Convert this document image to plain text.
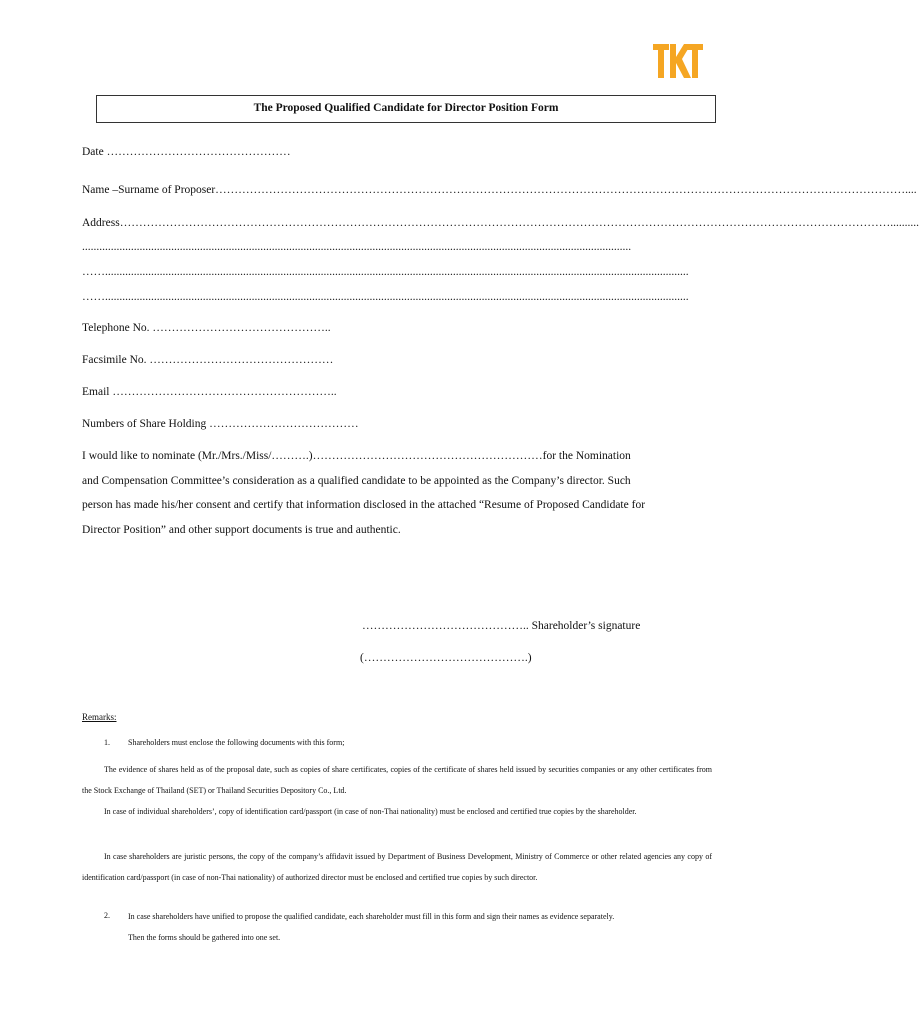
The Proposed Qualified Candidate for Director Position Form
Date …………………………………………
Name –Surname of Proposer………………………………………………………………………………………………………………………………………………………………....
Address…………………………………………………………………………………………………………………………………………………………………………………..........
...............................................................................................................................................................................................
……...........................................................................................................................................................................................................
……...........................................................................................................................................................................................................
Telephone No. ………………………………………..
Facsimile No. …………………………………………
Email …………………………………………………..
Numbers of Share Holding …………………………………
I would like to nominate (Mr./Mrs./Miss/……….)……………………………………………………for the Nomination
and Compensation Committee’s consideration as a qualified candidate to be appointed as the Company’s director. Such
person has made his/her consent and certify that information disclosed in the attached “Resume of Proposed Candidate for
Director Position” and other support documents is true and authentic.
…………………………………….. Shareholder’s signature
(…………………………………….)
Remarks:
1. Shareholders must enclose the following documents with this form;

The evidence of shares held as of the proposal date, such as copies of share certificates, copies of the certificate of shares held issued by securities companies or any other certificates from the Stock Exchange of Thailand (SET) or Thailand Securities Depository Co., Ltd.

In case of individual shareholders’, copy of identification card/passport (in case of non-Thai nationality) must be enclosed and certified true copies by the shareholder.

In case shareholders are juristic persons, the copy of the company’s affidavit issued by Department of Business Development, Ministry of Commerce or other related agencies any copy of identification card/passport (in case of non-Thai nationality) of authorized director must be enclosed and certified true copies by such director.

2. In case shareholders have unified to propose the qualified candidate, each shareholder must fill in this form and sign their names as evidence separately.

Then the forms should be gathered into one set.
